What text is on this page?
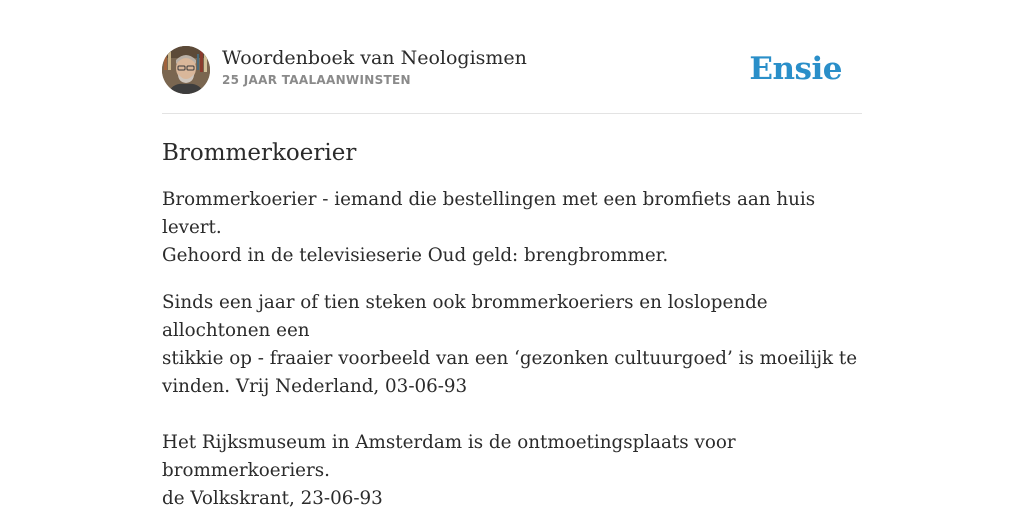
Woordenboek van Neologismen
25 JAAR TAALAANWINSTEN	Ensie
Brommerkoerier
Brommerkoerier - iemand die bestellingen met een bromfiets aan huis levert.
Gehoord in de televisieserie Oud geld: brengbrommer.
Sinds een jaar of tien steken ook brommerkoeriers en loslopende allochtonen een
stikkie op - fraaier voorbeeld van een ‘gezonken cultuurgoed’ is moeilijk te
vinden. Vrij Nederland, 03-06-93
Het Rijksmuseum in Amsterdam is de ontmoetingsplaats voor brommerkoeriers.
de Volkskrant, 23-06-93
